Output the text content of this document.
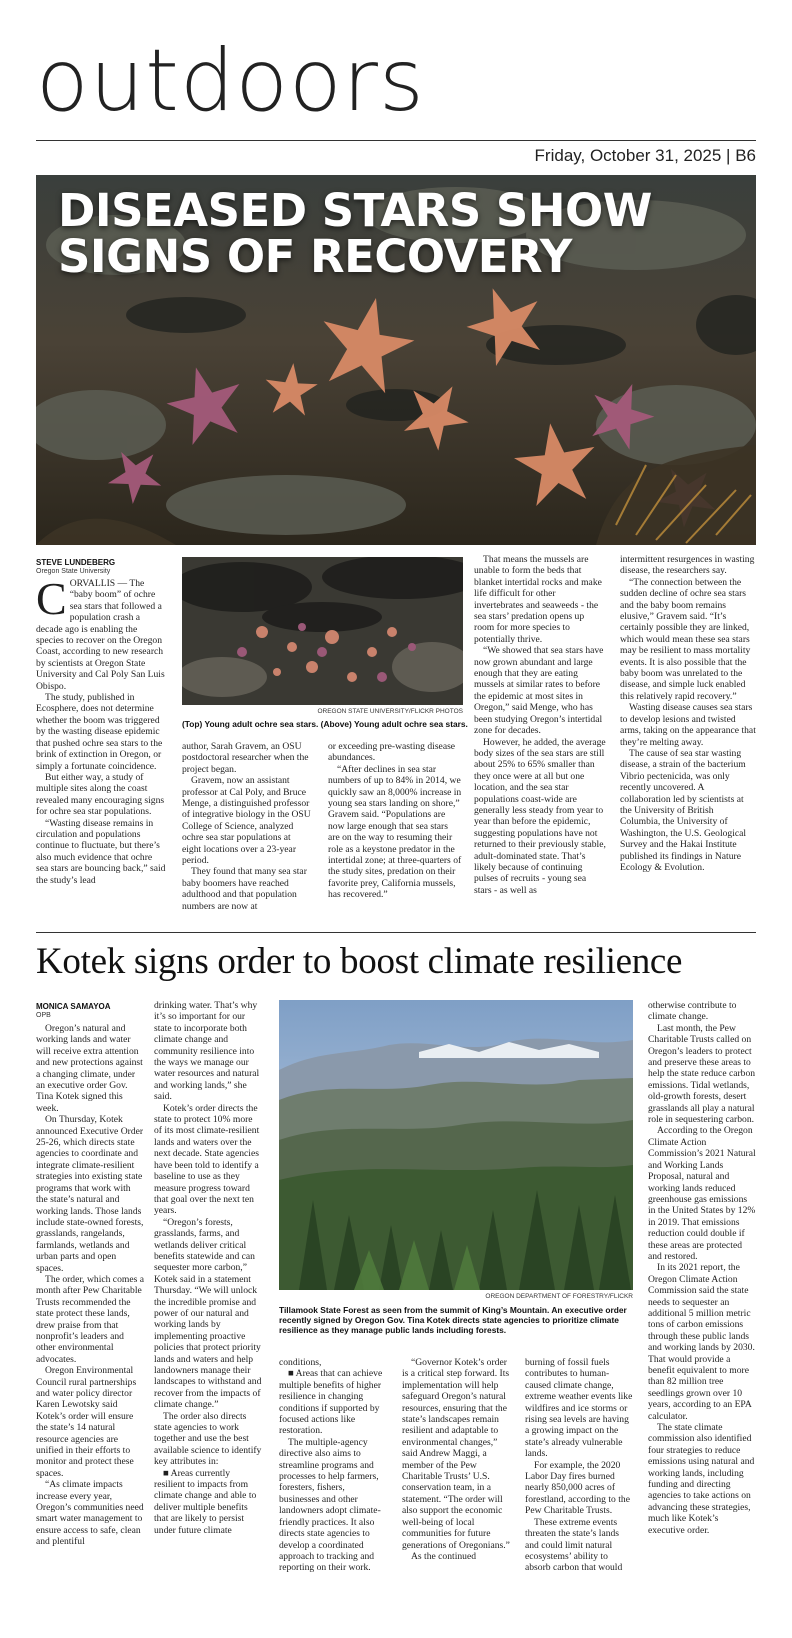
outdoors
Friday, October 31, 2025 | B6
DISEASED STARS SHOW
SIGNS OF RECOVERY
STEVE LUNDEBERG
Oregon State University

CORVALLIS — The “baby boom” of ochre sea stars that followed a population crash a decade ago is enabling the species to recover on the Oregon Coast, according to new research by scientists at Oregon State University and Cal Poly San Luis Obispo.

The study, published in Ecosphere, does not determine whether the boom was triggered by the wasting disease epidemic that pushed ochre sea stars to the brink of extinction in Oregon, or simply a fortunate coincidence.

But either way, a study of multiple sites along the coast revealed many encouraging signs for ochre sea star populations.

“Wasting disease remains in circulation and populations continue to fluctuate, but there’s also much evidence that ochre sea stars are bouncing back,” said the study’s lead

OREGON STATE UNIVERSITY/FLICKR PHOTOS
(Top) Young adult ochre sea stars. (Above) Young adult ochre sea stars.

author, Sarah Gravem, an OSU postdoctoral researcher when the project began.

Gravem, now an assistant professor at Cal Poly, and Bruce Menge, a distinguished professor of integrative biology in the OSU College of Science, analyzed ochre sea star populations at eight locations over a 23-year period.

They found that many sea star baby boomers have reached adulthood and that population numbers are now at

or exceeding pre-wasting disease abundances.

“After declines in sea star numbers of up to 84% in 2014, we quickly saw an 8,000% increase in young sea stars landing on shore,” Gravem said. “Populations are now large enough that sea stars are on the way to resuming their role as a keystone predator in the intertidal zone; at three-quarters of the study sites, predation on their favorite prey, California mussels, has recovered.”

That means the mussels are unable to form the beds that blanket intertidal rocks and make life difficult for other invertebrates and seaweeds - the sea stars’ predation opens up room for more species to potentially thrive.

“We showed that sea stars have now grown abundant and large enough that they are eating mussels at similar rates to before the epidemic at most sites in Oregon,” said Menge, who has been studying Oregon’s intertidal zone for decades.

However, he added, the average body sizes of the sea stars are still about 25% to 65% smaller than they once were at all but one location, and the sea star populations coast-wide are generally less steady from year to year than before the epidemic, suggesting populations have not returned to their previously stable, adult-dominated state. That’s likely because of continuing pulses of recruits - young sea stars - as well as

intermittent resurgences in wasting disease, the researchers say.

“The connection between the sudden decline of ochre sea stars and the baby boom remains elusive,” Gravem said. “It’s certainly possible they are linked, which would mean these sea stars may be resilient to mass mortality events. It is also possible that the baby boom was unrelated to the disease, and simple luck enabled this relatively rapid recovery.”

Wasting disease causes sea stars to develop lesions and twisted arms, taking on the appearance that they’re melting away.

The cause of sea star wasting disease, a strain of the bacterium Vibrio pectenicida, was only recently uncovered. A collaboration led by scientists at the University of British Columbia, the University of Washington, the U.S. Geological Survey and the Hakai Institute published its findings in Nature Ecology & Evolution.

Kotek signs order to boost climate resilience
MONICA SAMAYOA
OPB

Oregon’s natural and working lands and water will receive extra attention and new protections against a changing climate, under an executive order Gov. Tina Kotek signed this week.

On Thursday, Kotek announced Executive Order 25-26, which directs state agencies to coordinate and integrate climate-resilient strategies into existing state programs that work with the state’s natural and working lands. Those lands include state-owned forests, grasslands, rangelands, farmlands, wetlands and urban parts and open spaces.

The order, which comes a month after Pew Charitable Trusts recommended the state protect these lands, drew praise from that nonprofit’s leaders and other environmental advocates.

Oregon Environmental Council rural partnerships and water policy director Karen Lewotsky said Kotek’s order will ensure the state’s 14 natural resource agencies are unified in their efforts to monitor and protect these spaces.

“As climate impacts increase every year, Oregon’s communities need smart water management to ensure access to safe, clean and plentiful

drinking water. That’s why it’s so important for our state to incorporate both climate change and community resilience into the ways we manage our water resources and natural and working lands,” she said.

Kotek’s order directs the state to protect 10% more of its most climate-resilient lands and waters over the next decade. State agencies have been told to identify a baseline to use as they measure progress toward that goal over the next ten years.

“Oregon’s forests, grasslands, farms, and wetlands deliver critical benefits statewide and can sequester more carbon,” Kotek said in a statement Thursday. “We will unlock the incredible promise and power of our natural and working lands by implementing proactive policies that protect priority lands and waters and help landowners manage their landscapes to withstand and recover from the impacts of climate change.”

The order also directs state agencies to work together and use the best available science to identify key attributes in:

■ Areas currently resilient to impacts from climate change and able to deliver multiple benefits that are likely to persist under future climate

OREGON DEPARTMENT OF FORESTRY/FLICKR
Tillamook State Forest as seen from the summit of King’s Mountain. An executive order recently signed by Oregon Gov. Tina Kotek directs state agencies to prioritize climate resilience as they manage public lands including forests.

conditions,

■ Areas that can achieve multiple benefits of higher resilience in changing conditions if supported by focused actions like restoration.

The multiple-agency directive also aims to streamline programs and processes to help farmers, foresters, fishers, businesses and other landowners adopt climate-friendly practices. It also directs state agencies to develop a coordinated approach to tracking and reporting on their work.

“Governor Kotek’s order is a critical step forward. Its implementation will help safeguard Oregon’s natural resources, ensuring that the state’s landscapes remain resilient and adaptable to environmental changes,” said Andrew Maggi, a member of the Pew Charitable Trusts’ U.S. conservation team, in a statement. “The order will also support the economic well-being of local communities for future generations of Oregonians.”

As the continued

burning of fossil fuels contributes to human-caused climate change, extreme weather events like wildfires and ice storms or rising sea levels are having a growing impact on the state’s already vulnerable lands.

For example, the 2020 Labor Day fires burned nearly 850,000 acres of forestland, according to the Pew Charitable Trusts.

These extreme events threaten the state’s lands and could limit natural ecosystems’ ability to absorb carbon that would

otherwise contribute to climate change.

Last month, the Pew Charitable Trusts called on Oregon’s leaders to protect and preserve these areas to help the state reduce carbon emissions. Tidal wetlands, old-growth forests, desert grasslands all play a natural role in sequestering carbon.

According to the Oregon Climate Action Commission’s 2021 Natural and Working Lands Proposal, natural and working lands reduced greenhouse gas emissions in the United States by 12% in 2019. That emissions reduction could double if these areas are protected and restored.

In its 2021 report, the Oregon Climate Action Commission said the state needs to sequester an additional 5 million metric tons of carbon emissions through these public lands and working lands by 2030. That would provide a benefit equivalent to more than 82 million tree seedlings grown over 10 years, according to an EPA calculator.

The state climate commission also identified four strategies to reduce emissions using natural and working lands, including funding and directing agencies to take actions on advancing these strategies, much like Kotek’s executive order.
